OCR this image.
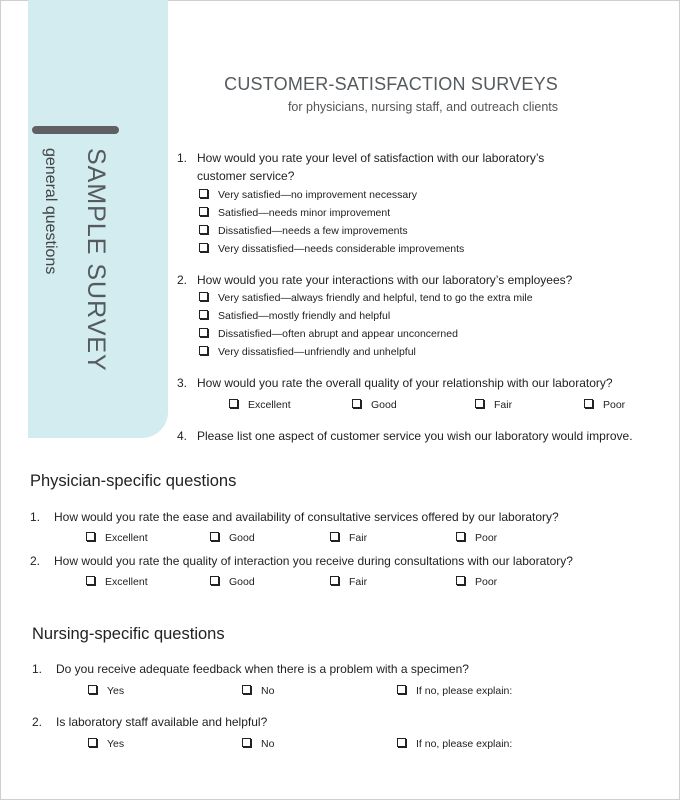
SAMPLE SURVEY
general questions
CUSTOMER-SATISFACTION SURVEYS
for physicians, nursing staff, and outreach clients
1. How would you rate your level of satisfaction with our laboratory’s
customer service?
Very satisfied—no improvement necessary
Satisfied—needs minor improvement
Dissatisfied—needs a few improvements
Very dissatisfied—needs considerable improvements
2. How would you rate your interactions with our laboratory’s employees?
Very satisfied—always friendly and helpful, tend to go the extra mile
Satisfied—mostly friendly and helpful
Dissatisfied—often abrupt and appear unconcerned
Very dissatisfied—unfriendly and unhelpful
3. How would you rate the overall quality of your relationship with our laboratory?
Excellent	Good	Fair	Poor
4. Please list one aspect of customer service you wish our laboratory would improve.
Physician-specific questions
1. How would you rate the ease and availability of consultative services offered by our laboratory?
Excellent	Good	Fair	Poor
2. How would you rate the quality of interaction you receive during consultations with our laboratory?
Excellent	Good	Fair	Poor
Nursing-specific questions
1. Do you receive adequate feedback when there is a problem with a specimen?
Yes	No	If no, please explain:
2. Is laboratory staff available and helpful?
Yes	No	If no, please explain:
